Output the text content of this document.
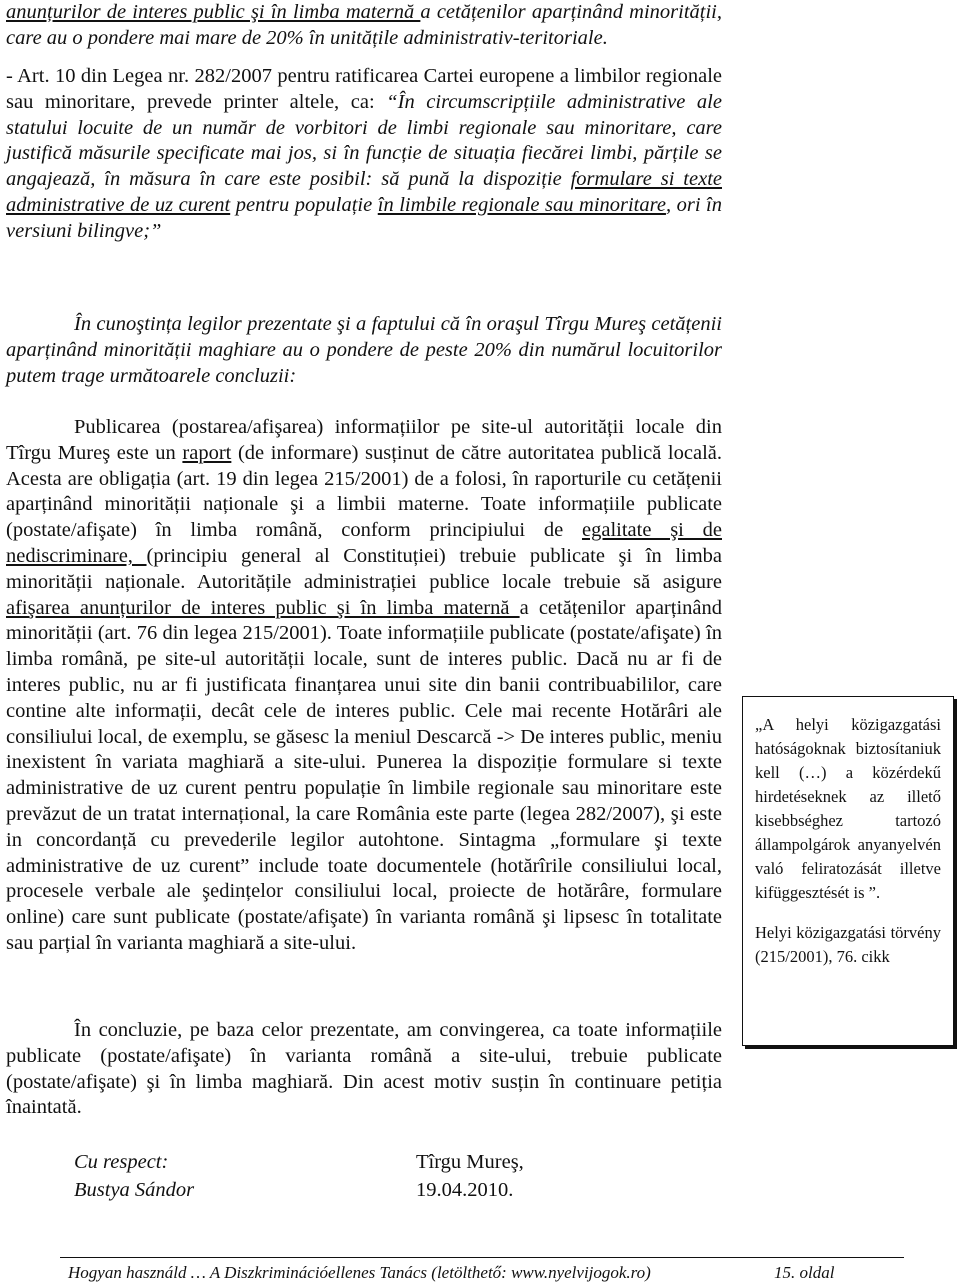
anunțurilor de interes public şi în limba maternă a cetățenilor aparținând minorității, care au o pondere mai mare de 20% în unitățile administrativ-teritoriale.
- Art. 10 din Legea nr. 282/2007 pentru ratificarea Cartei europene a limbilor regionale sau minoritare, prevede printer altele, ca: “În circumscripțiile administrative ale statului locuite de un număr de vorbitori de limbi regionale sau minoritare, care justifică măsurile specificate mai jos, si în funcție de situația fiecărei limbi, părțile se angajează, în măsura în care este posibil: să pună la dispoziție formulare si texte administrative de uz curent pentru populație în limbile regionale sau minoritare, ori în versiuni bilingve;”
În cunoştința legilor prezentate şi a faptului că în oraşul Tîrgu Mureş cetățenii aparținând minorității maghiare au o pondere de peste 20% din numărul locuitorilor putem trage următoarele concluzii:
Publicarea (postarea/afişarea) informațiilor pe site-ul autorității locale din Tîrgu Mureş este un raport (de informare) susținut de către autoritatea publică locală. Acesta are obligația (art. 19 din legea 215/2001) de a folosi, în raporturile cu cetățenii aparținând minorității naționale şi a limbii materne. Toate informațiile publicate (postate/afişate) în limba română, conform principiului de egalitate şi de nediscriminare, (principiu general al Constituției) trebuie publicate şi în limba minorității naționale. Autoritățile administrației publice locale trebuie să asigure afişarea anunțurilor de interes public şi în limba maternă a cetățenilor aparținând minorității (art. 76 din legea 215/2001). Toate informațiile publicate (postate/afişate) în limba română, pe site-ul autorității locale, sunt de interes public. Dacă nu ar fi de interes public, nu ar fi justificata finanțarea unui site din banii contribuabililor, care contine alte informații, decât cele de interes public. Cele mai recente Hotărâri ale consiliului local, de exemplu, se găsesc la meniul Descarcă -> De interes public, meniu inexistent în variata maghiară a site-ului. Punerea la dispoziție formulare si texte administrative de uz curent pentru populație în limbile regionale sau minoritare este prevăzut de un tratat internațional, la care România este parte (legea 282/2007), şi este in concordanță cu prevederile legilor autohtone. Sintagma „formulare şi texte administrative de uz curent” include toate documentele (hotărîrile consiliului local, procesele verbale ale şedințelor consiliului local, proiecte de hotărâre, formulare online) care sunt publicate (postate/afişate) în varianta română şi lipsesc în totalitate sau parțial în varianta maghiară a site-ului.
În concluzie, pe baza celor prezentate, am convingerea, ca toate informațiile publicate (postate/afişate) în varianta română a site-ului, trebuie publicate (postate/afişate) şi în limba maghiară. Din acest motiv susțin în continuare petiția înaintată.
Cu respect:	Tîrgu Mureş,
Bustya Sándor	19.04.2010.

„A helyi közigazgatási hatóságoknak biztosítaniuk kell (…) a közérdekű hirdetéseknek az illető kisebbséghez tartozó állampolgárok anyanyelvén való feliratozását illetve kifüggesztését is ”.

Helyi közigazgatási törvény (215/2001), 76. cikk

Hogyan használd … A Diszkriminációellenes Tanács (letölthető: www.nyelvijogok.ro)	15. oldal
